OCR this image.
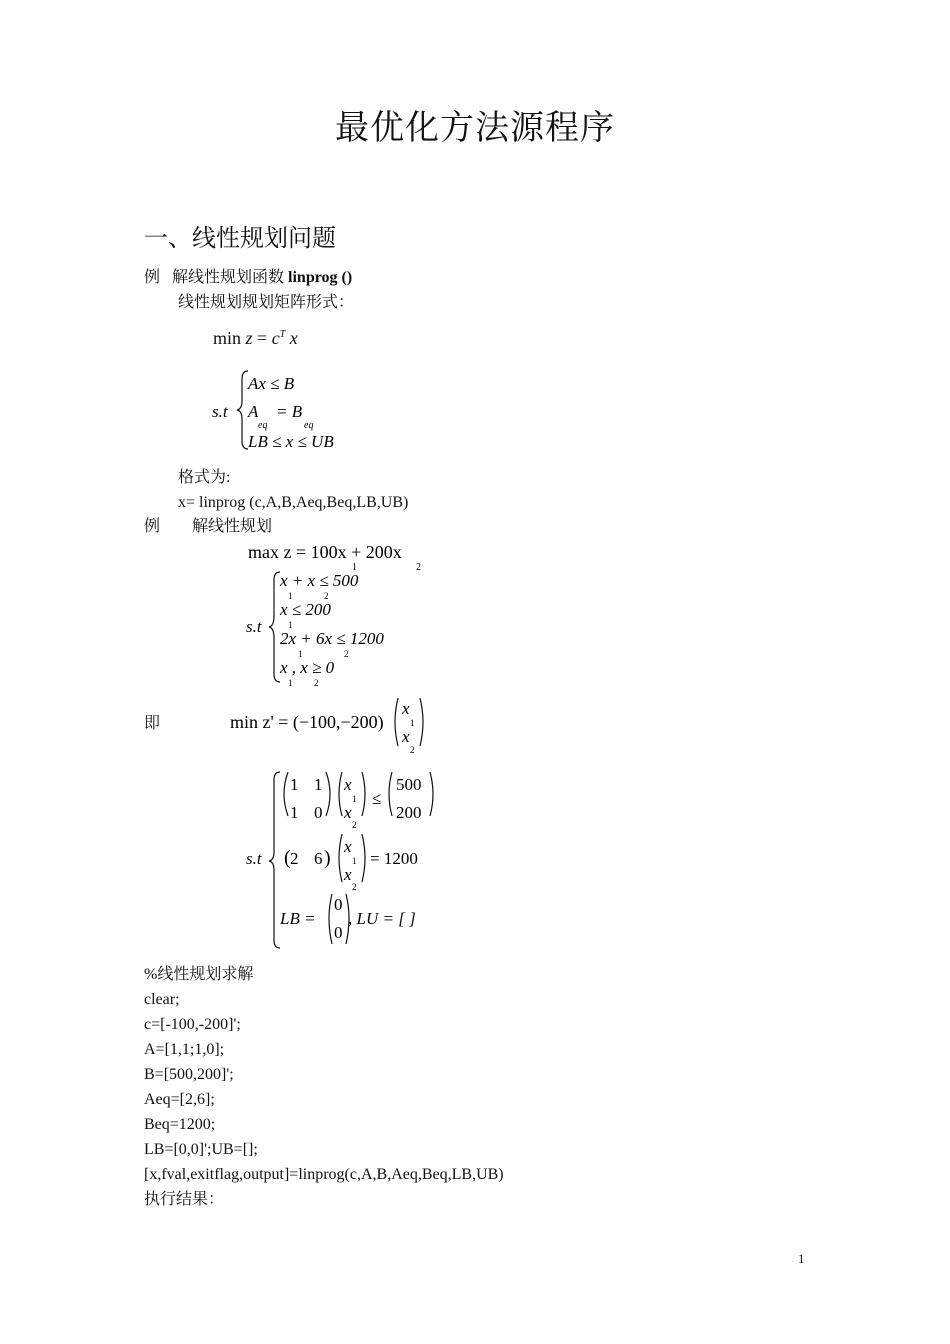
最优化方法源程序
一、线性规划问题
例 解线性规划函数 linprog ()
线性规划规划矩阵形式：
$\min z = c^T$ x
s.t
Ax ≤ B
A = B
eq	eq
LB ≤ x ≤ UB
格式为:
x= linprog (c,A,B,Aeq,Beq,LB,UB)
例 解线性规划
max z = 100x + 200x
1	2
s.t
x + x ≤ 500
1	2
x ≤ 200
1
2x + 6x ≤ 1200
1	2
x , x ≥ 0
1 2
即	min z' = (−100,−200)
x
1
x
2
s.t
1 1
1 0
x
1
x
2
≤
500
200
( 2 6 )
x
1
x
2
= 1200
LB =
0
0
, LU = [ ]
%线性规划求解
clear;
c=[-100,-200]';
A=[1,1;1,0];
B=[500,200]';
Aeq=[2,6];
Beq=1200;
LB=[0,0]';UB=[];
[x,fval,exitflag,output]=linprog(c,A,B,Aeq,Beq,LB,UB)
执行结果：
1
